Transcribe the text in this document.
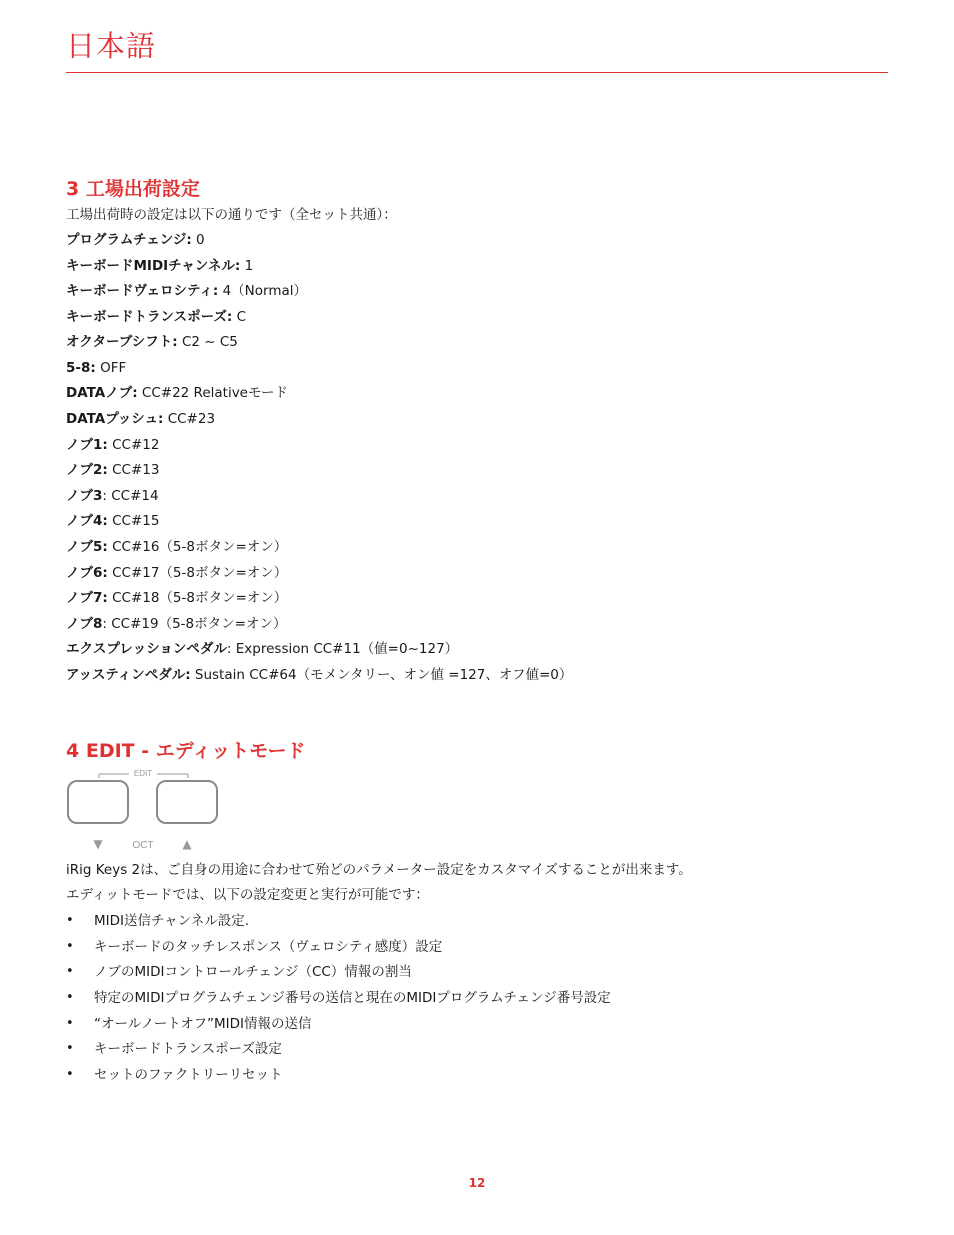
日本語
3 工場出荷設定
工場出荷時の設定は以下の通りです（全セット共通）：
プログラムチェンジ: 0
キーボードMIDIチャンネル: 1
キーボードヴェロシティ: 4（Normal）
キーボードトランスポーズ: C
オクターブシフト: C2 ~ C5
5-8: OFF
DATAノブ: CC#22 Relativeモード
DATAプッシュ: CC#23
ノブ1: CC#12
ノブ2: CC#13
ノブ3: CC#14
ノブ4: CC#15
ノブ5: CC#16（5-8ボタン=オン）
ノブ6: CC#17（5-8ボタン=オン）
ノブ7: CC#18（5-8ボタン=オン）
ノブ8: CC#19（5-8ボタン=オン）
エクスプレッションペダル: Expression CC#11（値=0~127）
アッスティンペダル: Sustain CC#64（モメンタリー、オン値 =127、オフ値=0）
4 EDIT - エディットモード
EDIT
▼	OCT ▲
iRig Keys 2は、ご自身の用途に合わせて殆どのパラメーター設定をカスタマイズすることが出来ます。
エディットモードでは、以下の設定変更と実行が可能です：
• MIDI送信チャンネル設定.
• キーボードのタッチレスポンス（ヴェロシティ感度）設定
• ノブのMIDIコントロールチェンジ（CC）情報の割当
• 特定のMIDIプログラムチェンジ番号の送信と現在のMIDIプログラムチェンジ番号設定
• “オールノートオフ”MIDI情報の送信
• キーボードトランスポーズ設定
• セットのファクトリーリセット
12
